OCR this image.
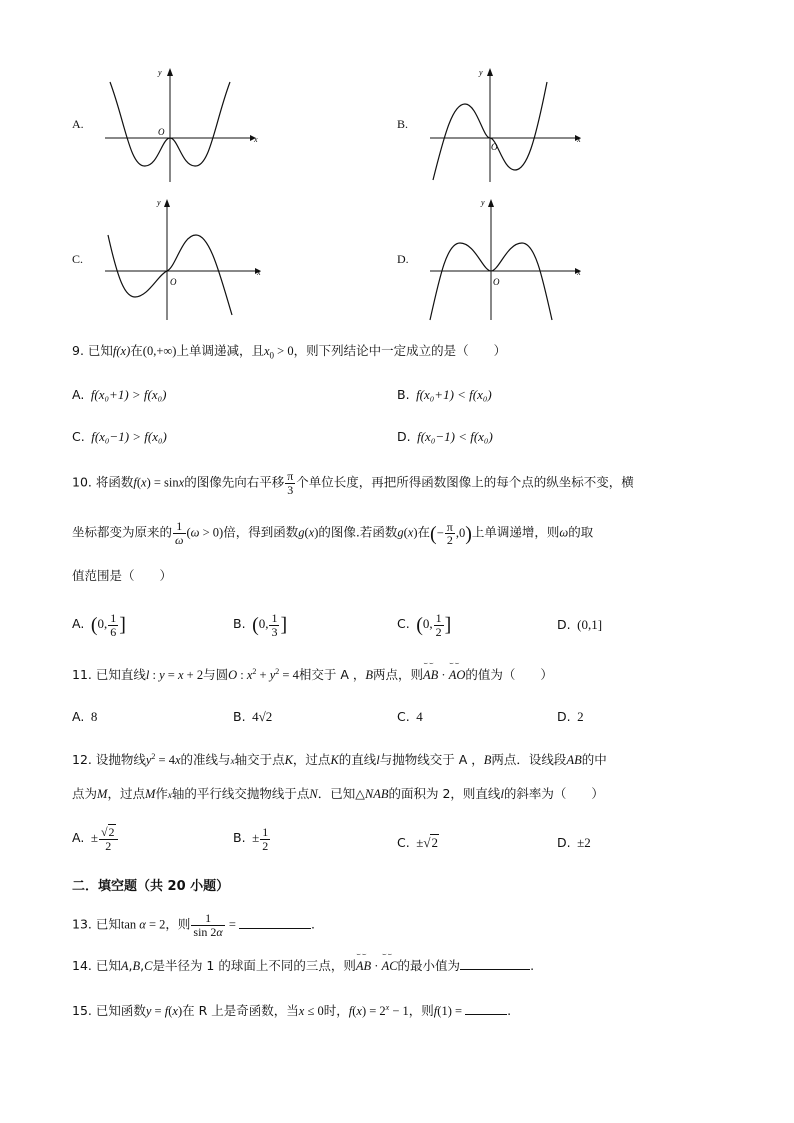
A.
y
x
O
B.
y
x
O
C.
y
x
O
D.
y
x
O
9. 已知f(x)在(0,+∞)上单调递减，且$x_0 > 0$，则下列结论中一定成立的是（　　）
A. f(x₀+1) > f(x₀)	B. f(x₀+1) < f(x₀)
C. f(x₀−1) > f(x₀)	D. f(x₀−1) < f(x₀)
10. 将函数f(x) = sinx的图像先向右平移 $\frac{\pi}{3}$ 个单位长度，再把所得函数图像上的每个点的纵坐标不变，横
坐标都变为原来的 $\frac{1}{\omega} (\omega > 0)$倍，得到函数g(x)的图像.若函数g(x)在(− $\frac{\pi}{2} ,0$)上单调递增，则ω的取
值范围是（　　）
A. (0, $\frac{1}{6}$ ]	B. (0, $\frac{1}{3}$ ]	C. (0, $\frac{1}{2}$ ]	D.  (0,1]
11. 已知直线l : y = x + 2与圆O : $x^2 + y^2 = 4$相交于 A ，B两点，则⌣⌣ AB · ⌣⌣ AO的值为（　　）
A. 8	B. 4√2	C. 4	D. 2
12. 设抛物线$y^2 = 4x$的准线与x轴交于点K，过点K的直线l与抛物线交于 A ，B两点．设线段AB的中
点为M，过点M作x轴的平行线交抛物线于点N．已知△NAB的面积为 2，则直线l的斜率为（　　）
A.  ± $\frac{√2}{2}$	B.  ± $\frac{1}{2}$	C.  ±√2	D.  ±2
二．填空题（共 20 小题）
13. 已知tan α = 2，则 $\frac{1}{\sin 2\alpha}$ =	.
14. 已知A,B,C是半径为 1 的球面上不同的三点，则⌣⌣ AB · ⌣⌣ AC的最小值为	.
15. 已知函数y = f(x)在 R 上是奇函数，当x ≤ 0时，$f(x) = 2^x - 1$，则f(1) =	.
